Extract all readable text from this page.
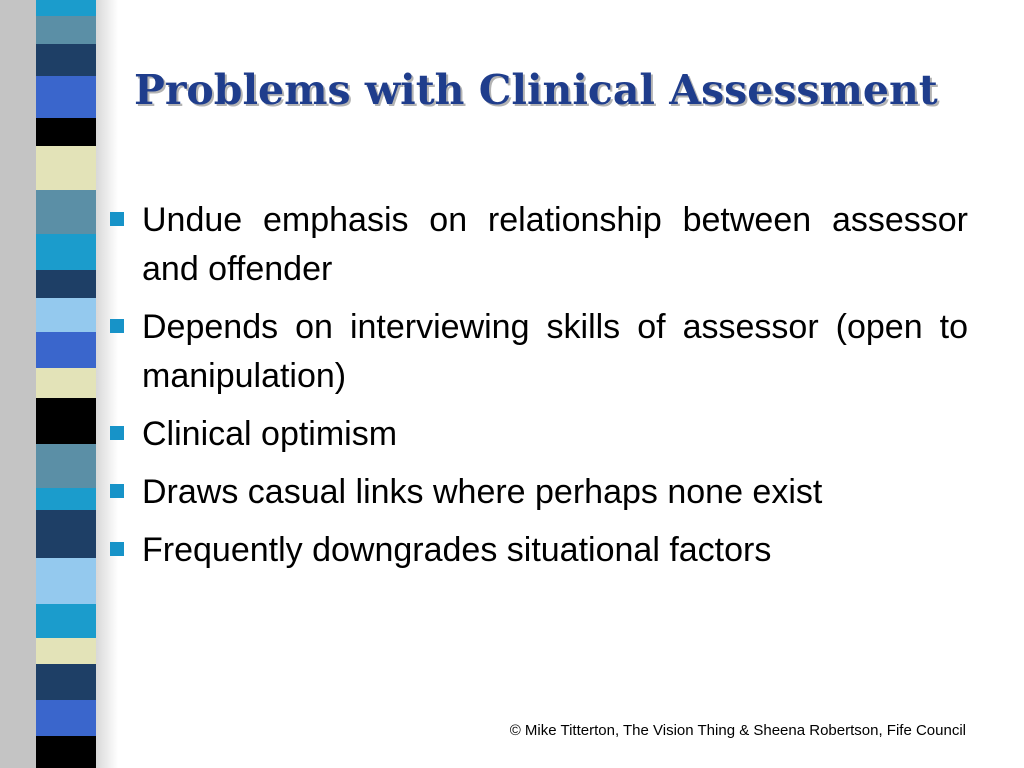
Problems with Clinical Assessment
Undue emphasis on relationship between assessor and offender
Depends on interviewing skills of assessor (open to manipulation)
Clinical optimism
Draws casual links where perhaps none exist
Frequently downgrades situational factors
© Mike Titterton, The Vision Thing & Sheena Robertson, Fife Council
